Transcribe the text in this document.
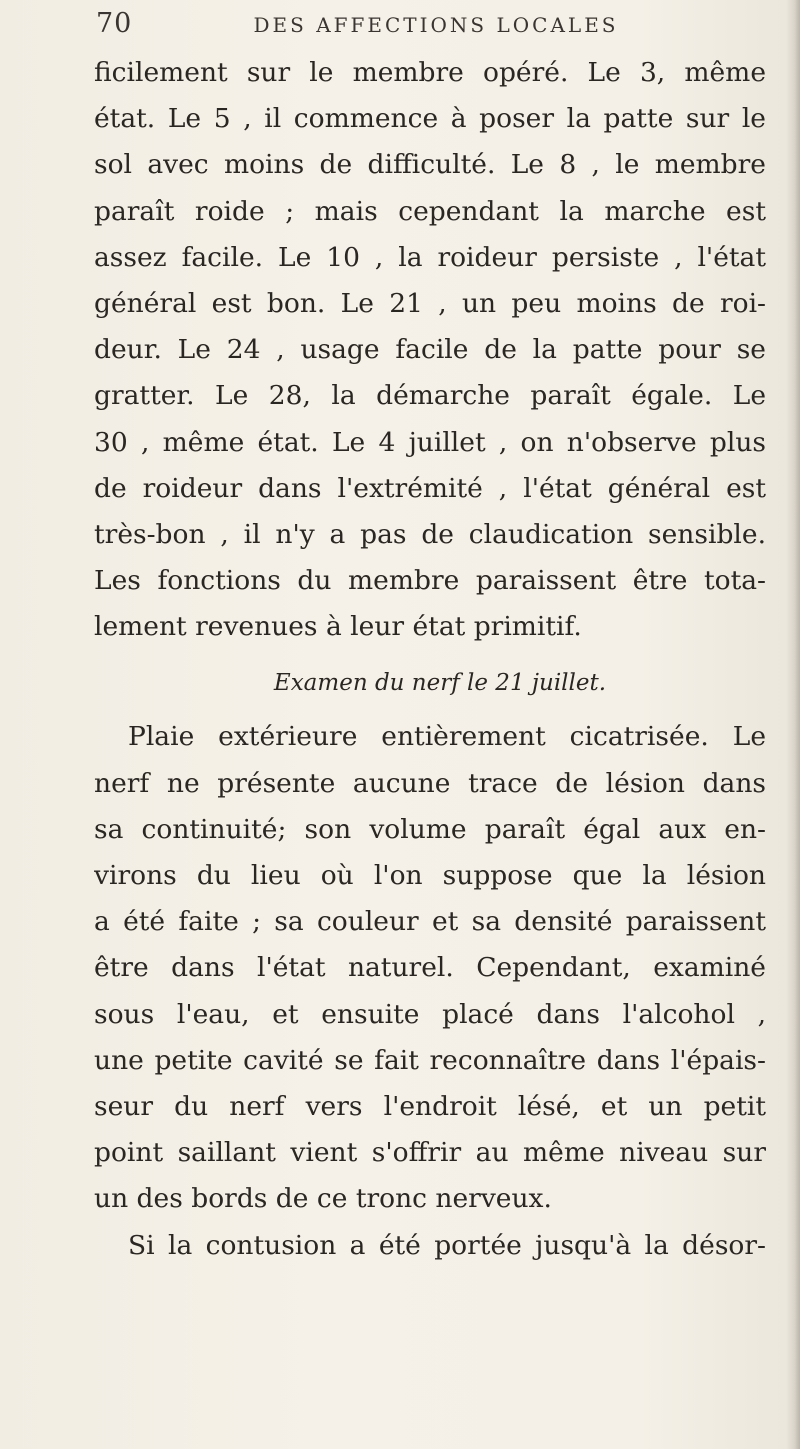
70	DES AFFECTIONS LOCALES
ficilement sur le membre opéré. Le 3, même
état. Le 5 , il commence à poser la patte sur le
sol avec moins de difficulté. Le 8 , le membre
paraît roide ; mais cependant la marche est
assez facile. Le 10 , la roideur persiste , l'état
général est bon. Le 21 , un peu moins de roi-
deur. Le 24 , usage facile de la patte pour se
gratter. Le 28, la démarche paraît égale. Le
30 , même état. Le 4 juillet , on n'observe plus
de roideur dans l'extrémité , l'état général est
très-bon , il n'y a pas de claudication sensible.
Les fonctions du membre paraissent être tota-
lement revenues à leur état primitif.
Examen du nerf le 21 juillet.
Plaie extérieure entièrement cicatrisée. Le
nerf ne présente aucune trace de lésion dans
sa continuité; son volume paraît égal aux en-
virons du lieu où l'on suppose que la lésion
a été faite ; sa couleur et sa densité paraissent
être dans l'état naturel. Cependant, examiné
sous l'eau, et ensuite placé dans l'alcohol ,
une petite cavité se fait reconnaître dans l'épais-
seur du nerf vers l'endroit lésé, et un petit
point saillant vient s'offrir au même niveau sur
un des bords de ce tronc nerveux.
Si la contusion a été portée jusqu'à la désor-
